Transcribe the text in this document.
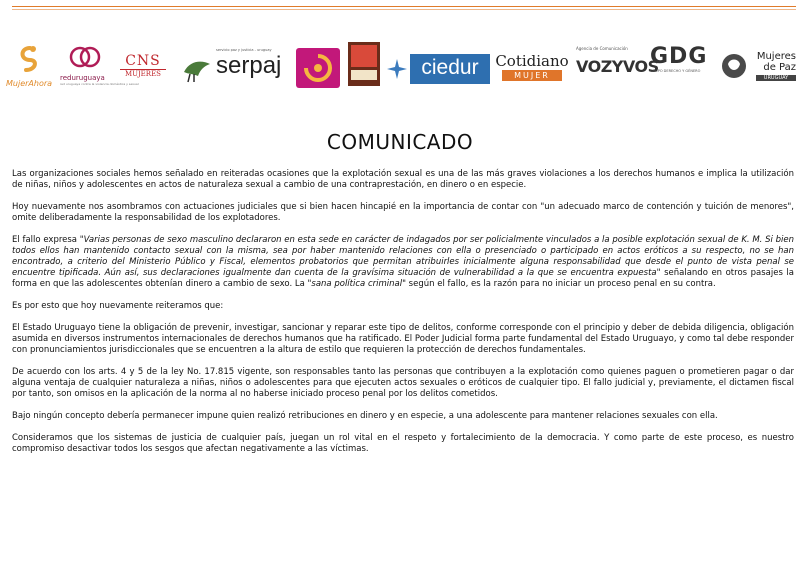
MujerAhora
reduruguaya
red uruguaya contra la violencia doméstica y sexual
CNS
MUJERES
servicio paz y justicia - uruguay
serpaj	ciedur	Cotidiano
MUJER
Agencia de Comunicación
VOZYVOS
GDG
GRUPO DERECHO Y GÉNERO
Mujeres
de Paz
URUGUAY
COMUNICADO

Las organizaciones sociales hemos señalado en reiteradas ocasiones que la explotación sexual es una de las más graves violaciones a los derechos humanos e implica la utilización de niñas, niños y adolescentes en actos de naturaleza sexual a cambio de una contraprestación, en dinero o en especie.

Hoy nuevamente nos asombramos con actuaciones judiciales que si bien hacen hincapié en la importancia de contar con "un adecuado marco de contención y tuición de menores", omite deliberadamente la responsabilidad de los explotadores.

El fallo expresa "Varias personas de sexo masculino declararon en esta sede en carácter de indagados por ser policialmente vinculados a la posible explotación sexual de K. M. Si bien todos ellos han mantenido contacto sexual con la misma, sea por haber mantenido relaciones con ella o presenciado o participado en actos eróticos a su respecto, no se han encontrado, a criterio del Ministerio Público y Fiscal, elementos probatorios que permitan atribuirles inicialmente alguna responsabilidad que desde el punto de vista penal se encuentre tipificada. Aún así, sus declaraciones igualmente dan cuenta de la gravísima situación de vulnerabilidad a la que se encuentra expuesta" señalando en otros pasajes la forma en que las adolescentes obtenían dinero a cambio de sexo. La "sana política criminal" según el fallo, es la razón para no iniciar un proceso penal en su contra.

Es por esto que hoy nuevamente reiteramos que:

El Estado Uruguayo tiene la obligación de prevenir, investigar, sancionar y reparar este tipo de delitos, conforme corresponde con el principio y deber de debida diligencia, obligación asumida en diversos instrumentos internacionales de derechos humanos que ha ratificado. El Poder Judicial forma parte fundamental del Estado Uruguayo, y como tal debe responder con pronunciamientos jurisdiccionales que se encuentren a la altura de estilo que requieren la protección de derechos fundamentales.

De acuerdo con los arts. 4 y 5 de la ley No. 17.815 vigente, son responsables tanto las personas que contribuyen a la explotación como quienes paguen o prometieren pagar o dar alguna ventaja de cualquier naturaleza a niñas, niños o adolescentes para que ejecuten actos sexuales o eróticos de cualquier tipo. El fallo judicial y, previamente, el dictamen fiscal por tanto, son omisos en la aplicación de la norma al no haberse iniciado proceso penal por los delitos cometidos.

Bajo ningún concepto debería permanecer impune quien realizó retribuciones en dinero y en especie, a una adolescente para mantener relaciones sexuales con ella.

Consideramos que los sistemas de justicia de cualquier país, juegan un rol vital en el respeto y fortalecimiento de la democracia. Y como parte de este proceso, es nuestro compromiso desactivar todos los sesgos que afectan negativamente a las víctimas.
